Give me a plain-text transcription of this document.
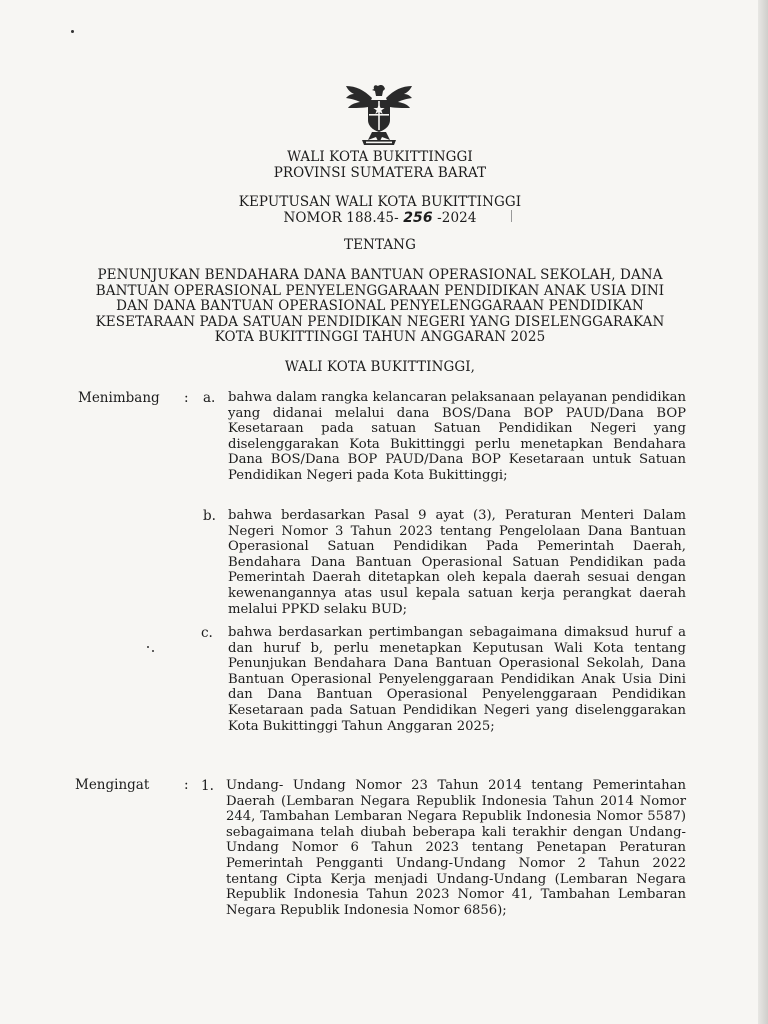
WALI KOTA BUKITTINGGI
PROVINSI SUMATERA BARAT
KEPUTUSAN WALI KOTA BUKITTINGGI
NOMOR 188.45- 256 -2024
TENTANG
PENUNJUKAN BENDAHARA DANA BANTUAN OPERASIONAL SEKOLAH, DANA
BANTUAN OPERASIONAL PENYELENGGARAAN PENDIDIKAN ANAK USIA DINI
DAN DANA BANTUAN OPERASIONAL PENYELENGGARAAN PENDIDIKAN
KESETARAAN PADA SATUAN PENDIDIKAN NEGERI YANG DISELENGGARAKAN
KOTA BUKITTINGGI TAHUN ANGGARAN 2025
WALI KOTA BUKITTINGGI,
Menimbang : a. bahwa dalam rangka kelancaran pelaksanaan pelayanan pendidikan yang didanai melalui dana BOS/Dana BOP PAUD/Dana BOP Kesetaraan pada satuan Satuan Pendidikan Negeri yang diselenggarakan Kota Bukittinggi perlu menetapkan Bendahara Dana BOS/Dana BOP PAUD/Dana BOP Kesetaraan untuk Satuan Pendidikan Negeri pada Kota Bukittinggi;

b. bahwa berdasarkan Pasal 9 ayat (3), Peraturan Menteri Dalam Negeri Nomor 3 Tahun 2023 tentang Pengelolaan Dana Bantuan Operasional Satuan Pendidikan Pada Pemerintah Daerah, Bendahara Dana Bantuan Operasional Satuan Pendidikan pada Pemerintah Daerah ditetapkan oleh kepala daerah sesuai dengan kewenangannya atas usul kepala satuan kerja perangkat daerah melalui PPKD selaku BUD;

c. bahwa berdasarkan pertimbangan sebagaimana dimaksud huruf a dan huruf b, perlu menetapkan Keputusan Wali Kota tentang Penunjukan Bendahara Dana Bantuan Operasional Sekolah, Dana Bantuan Operasional Penyelenggaraan Pendidikan Anak Usia Dini dan Dana Bantuan Operasional Penyelenggaraan Pendidikan Kesetaraan pada Satuan Pendidikan Negeri yang diselenggarakan Kota Bukittinggi Tahun Anggaran 2025;

Mengingat	: 1. Undang- Undang Nomor 23 Tahun 2014 tentang Pemerintahan Daerah (Lembaran Negara Republik Indonesia Tahun 2014 Nomor 244, Tambahan Lembaran Negara Republik Indonesia Nomor 5587) sebagaimana telah diubah beberapa kali terakhir dengan Undang-Undang Nomor 6 Tahun 2023 tentang Penetapan Peraturan Pemerintah Pengganti Undang-Undang Nomor 2 Tahun 2022 tentang Cipta Kerja menjadi Undang-Undang (Lembaran Negara Republik Indonesia Tahun 2023 Nomor 41, Tambahan Lembaran Negara Republik Indonesia Nomor 6856);
